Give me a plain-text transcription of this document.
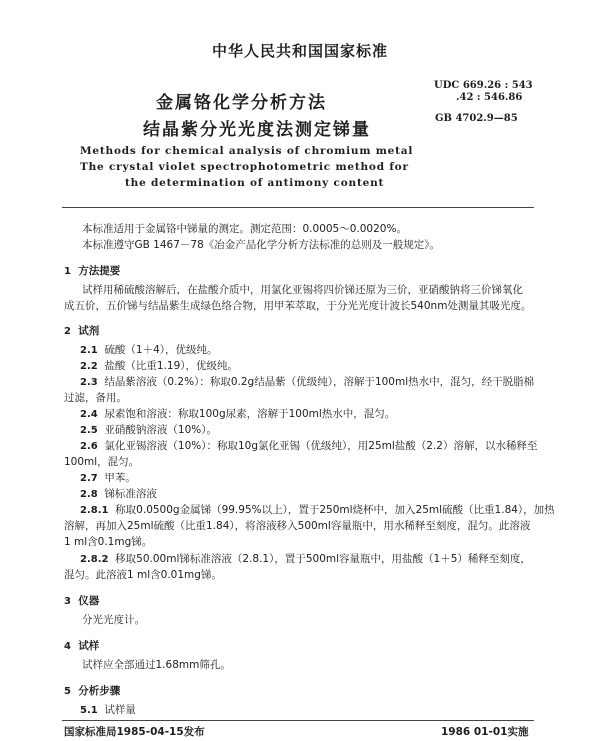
中华人民共和国国家标准
金属铬化学分析方法
结晶紫分光光度法测定锑量
UDC 669.26 : 543
.42 : 546.86
GB 4702.9—85
Methods for chemical analysis of chromium metal
The crystal violet spectrophotometric method for
the determination of antimony content
本标准适用于金属铬中锑量的测定。测定范围：0.0005～0.0020%。
本标准遵守GB 1467－78《冶金产品化学分析方法标准的总则及一般规定》。
1 方法提要
试样用稀硫酸溶解后，在盐酸介质中，用氯化亚锡将四价锑还原为三价，亚硝酸钠将三价锑氧化
成五价，五价锑与结晶紫生成绿色络合物，用甲苯萃取，于分光光度计波长540nm处测量其吸光度。
2 试剂
2.1 硫酸（1＋4），优级纯。
2.2 盐酸（比重1.19），优级纯。
2.3 结晶紫溶液（0.2%）：称取0.2g结晶紫（优级纯），溶解于100ml热水中，混匀，经干脱脂棉
过滤，备用。
2.4 尿素饱和溶液：称取100g尿素，溶解于100ml热水中，混匀。
2.5 亚硝酸钠溶液（10%）。
2.6 氯化亚锡溶液（10%）：称取10g氯化亚锡（优级纯），用25ml盐酸（2.2）溶解，以水稀释至
100ml，混匀。
2.7 甲苯。
2.8 锑标准溶液
2.8.1 称取0.0500g金属锑（99.95%以上），置于250ml烧杯中，加入25ml硫酸（比重1.84），加热
溶解，再加入25ml硫酸（比重1.84），将溶液移入500ml容量瓶中，用水稀释至刻度，混匀。此溶液
1 ml含0.1mg锑。
2.8.2 移取50.00ml锑标准溶液（2.8.1），置于500ml容量瓶中，用盐酸（1＋5）稀释至刻度，
混匀。此溶液1 ml含0.01mg锑。
3 仪器
分光光度计。
4 试样
试样应全部通过1.68mm筛孔。
5 分析步骤
5.1 试样量
国家标准局1985-04-15发布	1986 01-01实施
